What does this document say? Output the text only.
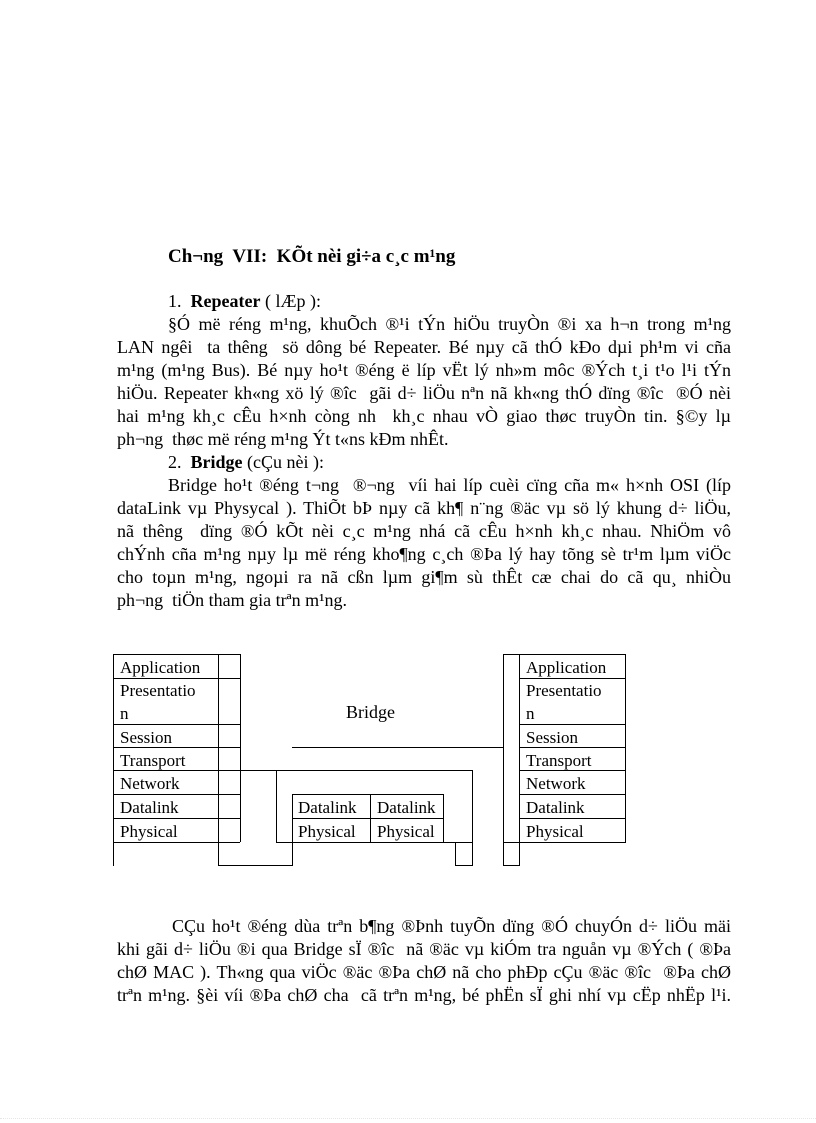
Ch¬ng  VII:  KÕt nèi gi÷a c¸c m¹ng
1. Repeater ( lÆp ):
§Ó më réng m¹ng, khuÕch ®¹i tÝn hiÖu truyÒn ®i xa h¬n trong m¹ng
LAN ngêi  ta thêng  sö dông bé Repeater. Bé nµy cã thÓ kÐo dµi ph¹m vi cña
m¹ng (m¹ng Bus). Bé nµy ho¹t ®éng ë líp vËt lý nh»m môc ®Ých t¸i t¹o l¹i tÝn
hiÖu. Repeater kh«ng xö lý ®îc  gãi d÷ liÖu nªn nã kh«ng thÓ dïng ®îc  ®Ó nèi
hai m¹ng kh¸c cÊu h×nh còng nh  kh¸c nhau vÒ giao thøc truyÒn tin. §©y lµ
ph¬ng  thøc më réng m¹ng Ýt t«ns kÐm nhÊt.
2. Bridge (cÇu nèi ):
Bridge ho¹t ®éng t¬ng  ®¬ng  víi hai líp cuèi cïng cña m« h×nh OSI (líp
dataLink vµ Physycal ). ThiÕt bÞ nµy cã kh¶ n¨ng ®äc vµ sö lý khung d÷ liÖu,
nã thêng  dïng ®Ó kÕt nèi c¸c m¹ng nhá cã cÊu h×nh kh¸c nhau. NhiÖm vô
chÝnh cña m¹ng nµy lµ më réng kho¶ng c¸ch ®Þa lý hay tõng sè tr¹m lµm viÖc
cho toµn m¹ng, ngoµi ra nã cßn lµm gi¶m sù thÊt cæ chai do cã qu¸ nhiÒu
ph¬ng  tiÖn tham gia trªn m¹ng.
Application
Presentatio
n
Session
Transport
Network
Datalink
Physical
Bridge
Datalink
Physical
Datalink
Physical
Application
Presentatio
n
Session
Transport
Network
Datalink
Physical
CÇu ho¹t ®éng dùa trªn b¶ng ®Þnh tuyÕn dïng ®Ó chuyÓn d÷ liÖu mäi
khi gãi d÷ liÖu ®i qua Bridge sÏ ®îc  nã ®äc vµ kiÓm tra nguån vµ ®Ých ( ®Þa
chØ MAC ). Th«ng qua viÖc ®äc ®Þa chØ nã cho phÐp cÇu ®äc ®îc  ®Þa chØ
trªn m¹ng. §èi víi ®Þa chØ cha  cã trªn m¹ng, bé phËn sÏ ghi nhí vµ cËp nhËp l¹i.
